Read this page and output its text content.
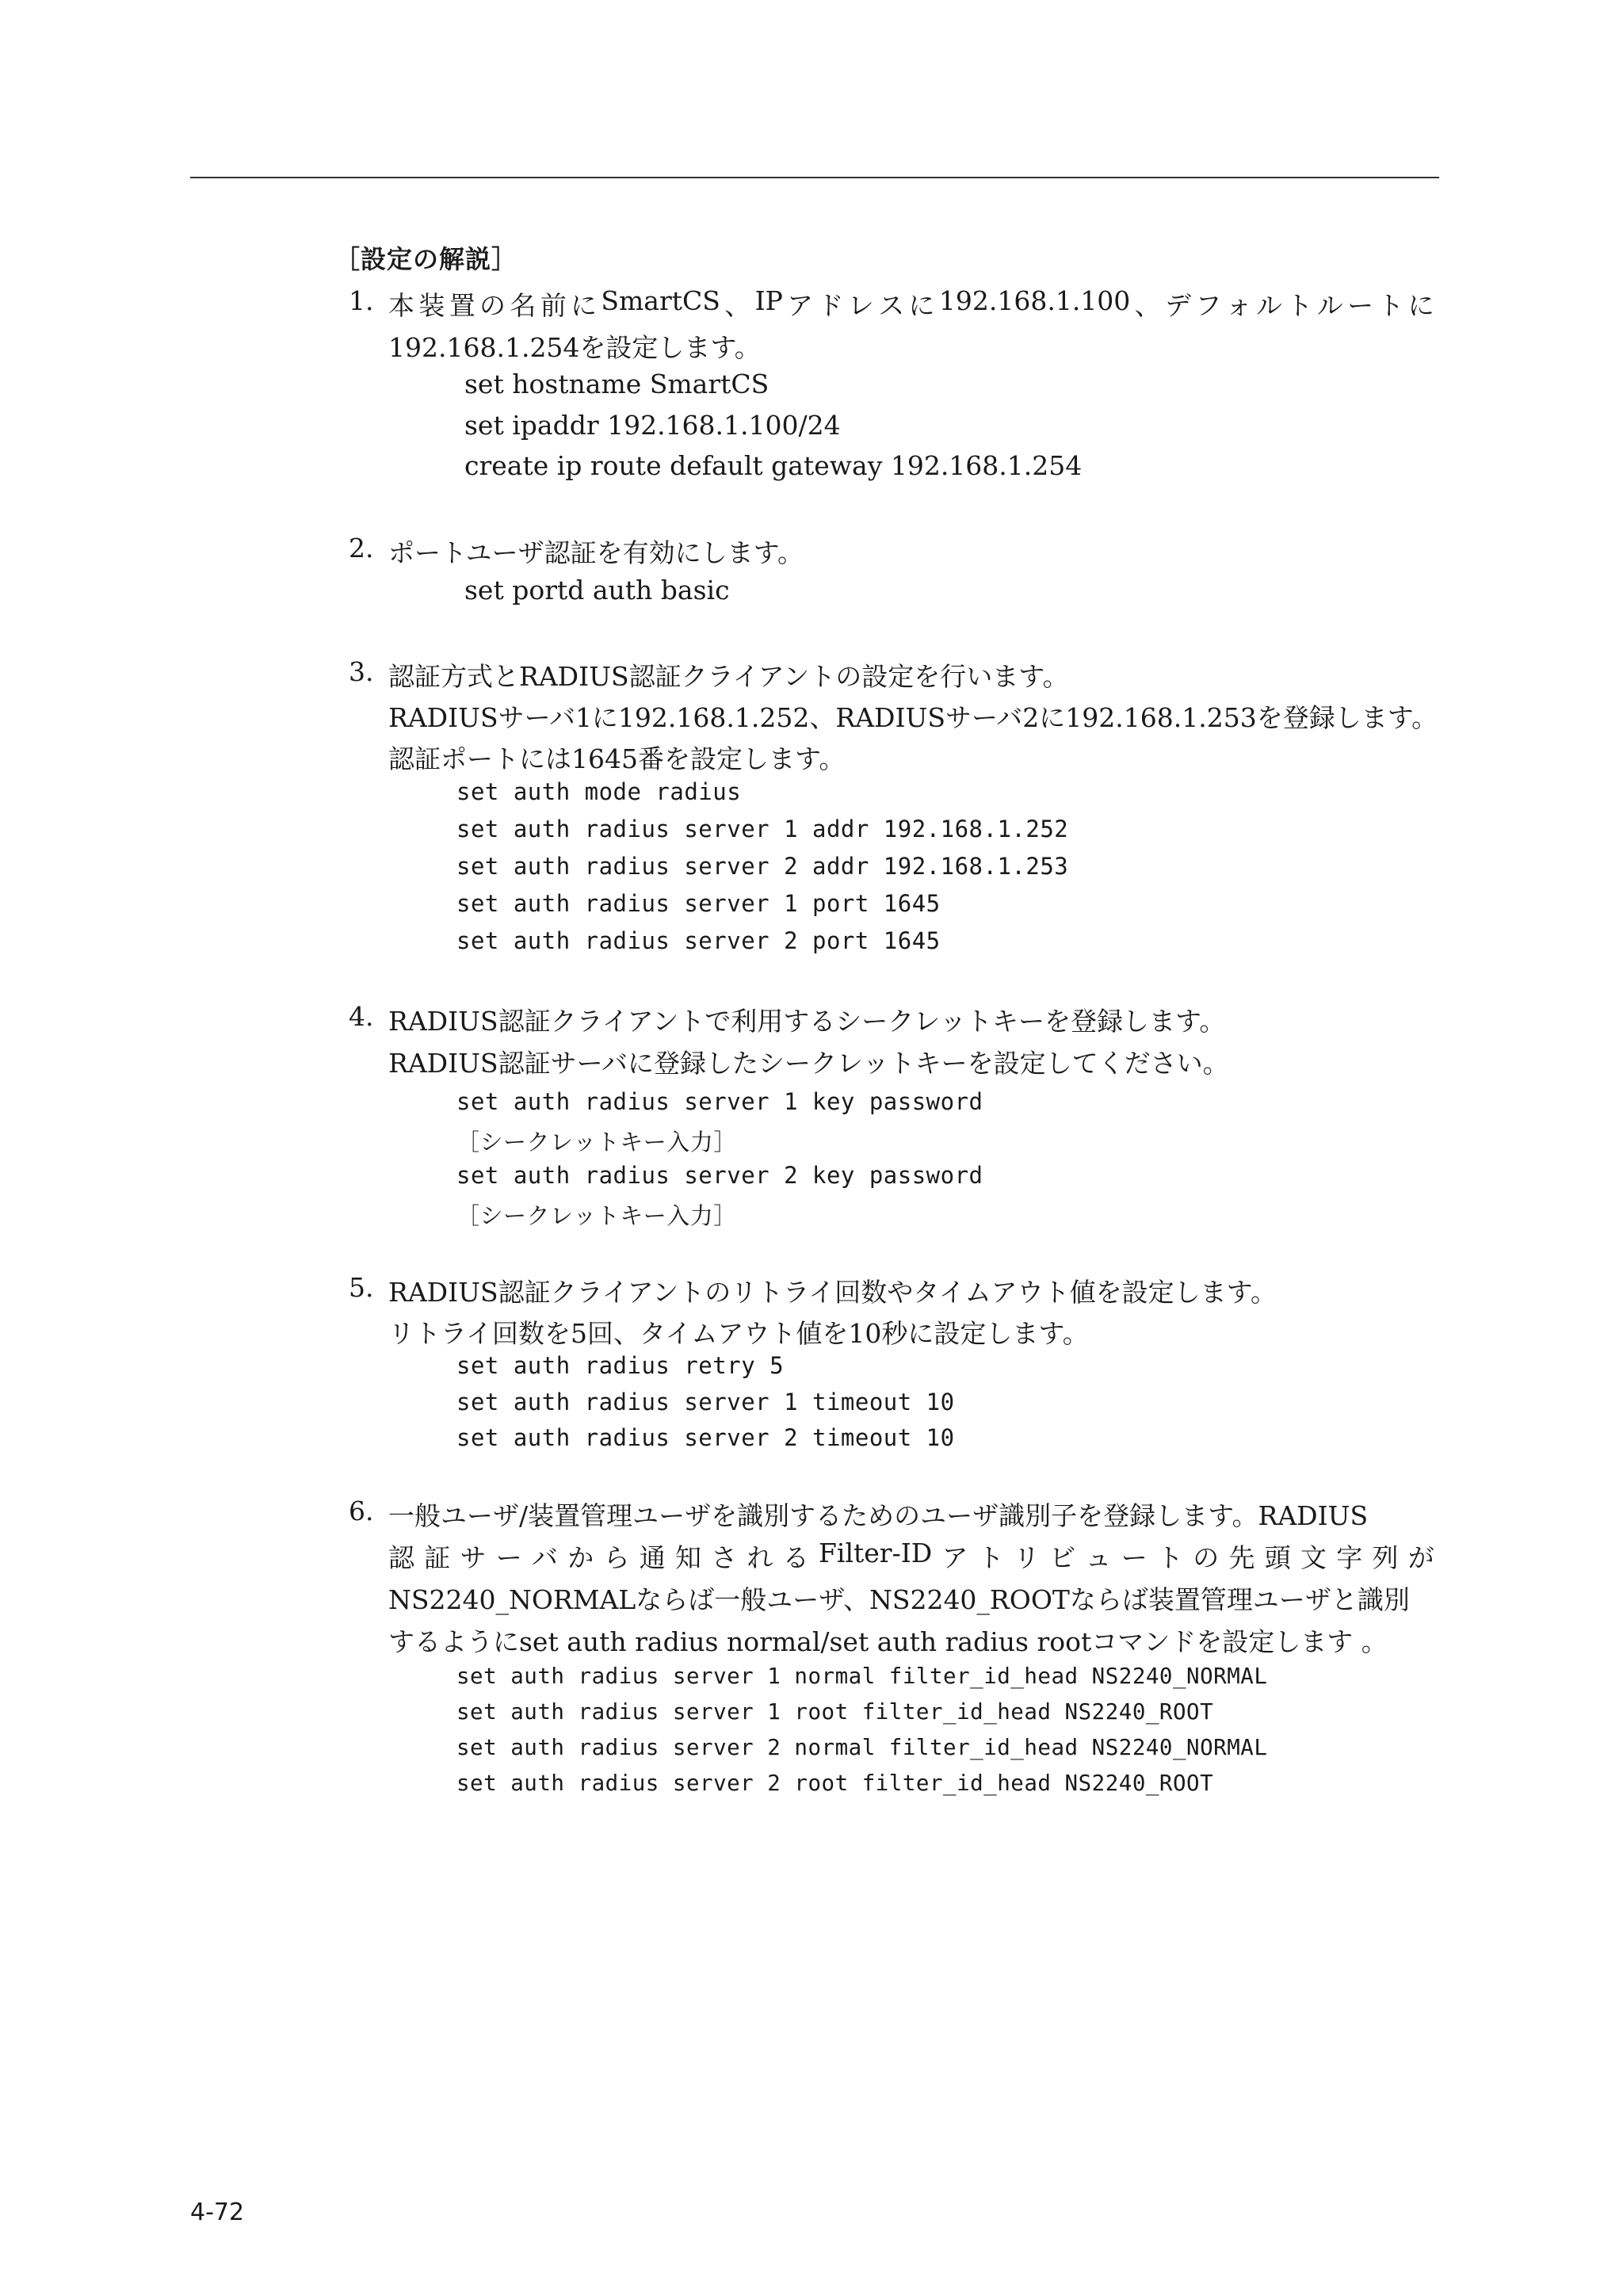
［設定の解説］
1. 本 装 置 の 名 前 に SmartCS 、 IP ア ド レ ス に 192.168.1.100 、 デ フ ォ ル ト ル ー ト に
192.168.1.254を設定します。
set hostname SmartCS
set ipaddr 192.168.1.100/24
create ip route default gateway 192.168.1.254
2. ポートユーザ認証を有効にします。
set portd auth basic
3. 認証方式とRADIUS認証クライアントの設定を行います。
RADIUSサーバ1に192.168.1.252、RADIUSサーバ2に192.168.1.253を登録します。
認証ポートには1645番を設定します。
set auth mode radius
set auth radius server 1 addr 192.168.1.252
set auth radius server 2 addr 192.168.1.253
set auth radius server 1 port 1645
set auth radius server 2 port 1645
4. RADIUS認証クライアントで利用するシークレットキーを登録します。
RADIUS認証サーバに登録したシークレットキーを設定してください。
set auth radius server 1 key password
［シークレットキー入力］
set auth radius server 2 key password
［シークレットキー入力］
5. RADIUS認証クライアントのリトライ回数やタイムアウト値を設定します。
リトライ回数を5回、タイムアウト値を10秒に設定します。
set auth radius retry 5
set auth radius server 1 timeout 10
set auth radius server 2 timeout 10
6. 一般ユーザ/装置管理ユーザを識別するためのユーザ識別子を登録します。RADIUS
認 証 サ ー バ か ら 通 知 さ れ る Filter-ID ア ト リ ビ ュ ー ト の 先 頭 文 字 列 が
NS2240_NORMALならば一般ユーザ、NS2240_ROOTならば装置管理ユーザと識別
するようにset auth radius normal/set auth radius rootコマンドを設定します 。
set auth radius server 1 normal filter_id_head NS2240_NORMAL
set auth radius server 1 root filter_id_head NS2240_ROOT
set auth radius server 2 normal filter_id_head NS2240_NORMAL
set auth radius server 2 root filter_id_head NS2240_ROOT
4-72
